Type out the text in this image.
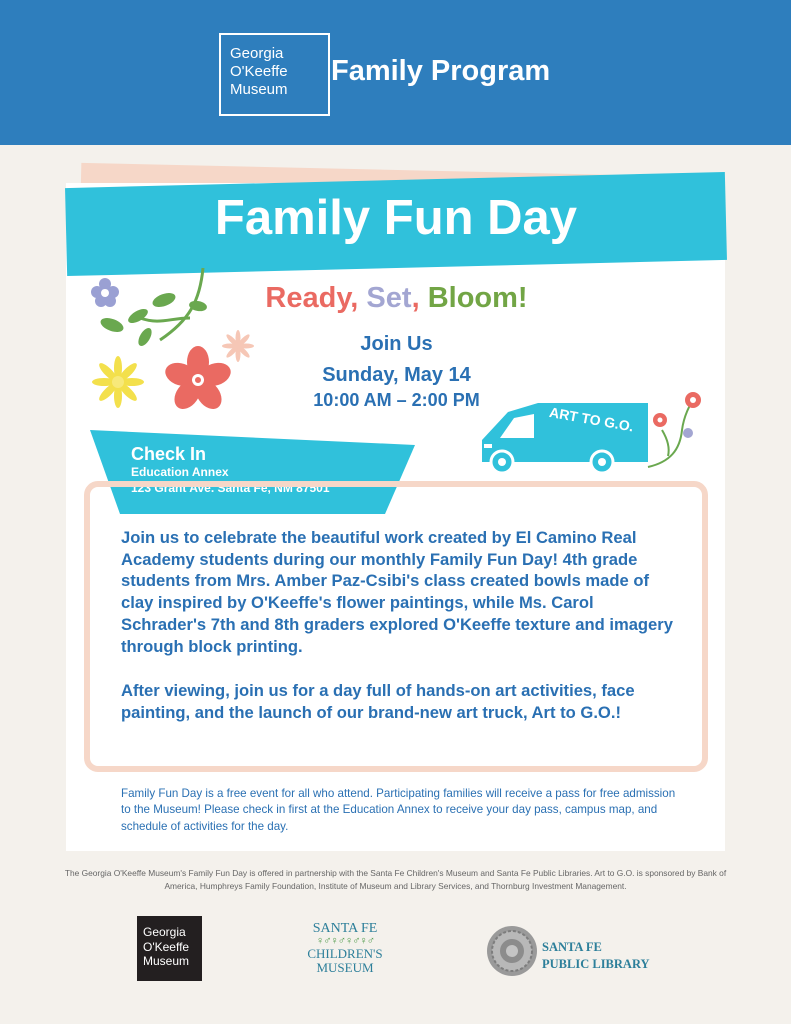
Georgia
O'Keeffe
Museum
Family Program
Family Fun Day
Ready, Set, Bloom!
Join Us
Sunday, May 14
10:00 AM – 2:00 PM
ART TO G.O.
Check In
Education Annex
123 Grant Ave. Santa Fe, NM 87501

Join us to celebrate the beautiful work created by El Camino Real Academy students during our monthly Family Fun Day! 4th grade students from Mrs. Amber Paz-Csibi's class created bowls made of clay inspired by O'Keeffe's flower paintings, while Ms. Carol Schrader's 7th and 8th graders explored O'Keeffe texture and imagery through block printing.

After viewing, join us for a day full of hands-on art activities, face painting, and the launch of our brand-new art truck, Art to G.O.!

Family Fun Day is a free event for all who attend. Participating families will receive a pass for free admission to the Museum! Please check in first at the Education Annex to receive your day pass, campus map, and schedule of activities for the day.

The Georgia O'Keeffe Museum's Family Fun Day is offered in partnership with the Santa Fe Children's Museum and Santa Fe Public Libraries. Art to G.O. is sponsored by Bank of America, Humphreys Family Foundation, Institute of Museum and Library Services, and Thornburg Investment Management.

Georgia
O'Keeffe
Museum
SANTA FE
♀♂♀♂♀♂♀♂
CHILDREN'S
MUSEUM
SANTA FE
PUBLIC LIBRARY
